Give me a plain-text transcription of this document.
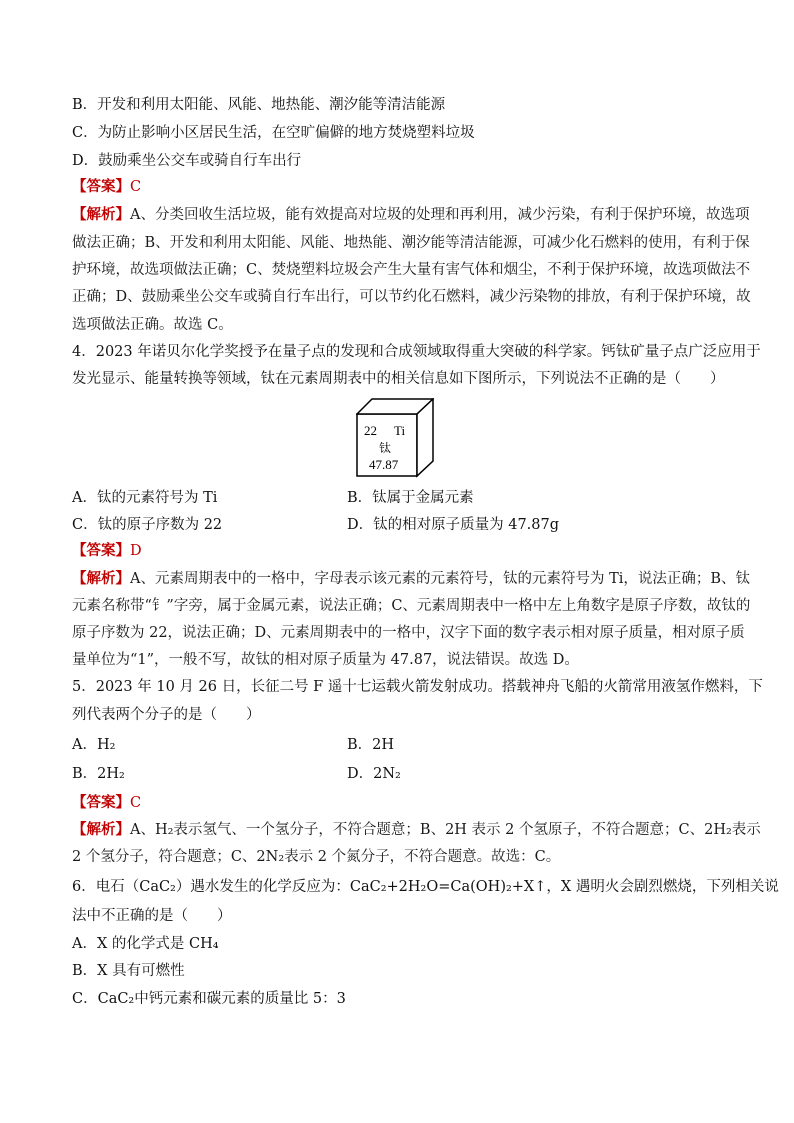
B．开发和利用太阳能、风能、地热能、潮汐能等清洁能源
C．为防止影响小区居民生活，在空旷偏僻的地方焚烧塑料垃圾
D．鼓励乘坐公交车或骑自行车出行
【答案】C
【解析】A、分类回收生活垃圾，能有效提高对垃圾的处理和再利用，减少污染，有利于保护环境，故选项
做法正确；B、开发和利用太阳能、风能、地热能、潮汐能等清洁能源，可减少化石燃料的使用，有利于保
护环境，故选项做法正确；C、焚烧塑料垃圾会产生大量有害气体和烟尘，不利于保护环境，故选项做法不
正确；D、鼓励乘坐公交车或骑自行车出行，可以节约化石燃料，减少污染物的排放，有利于保护环境，故
选项做法正确。故选 C。
4．2023 年诺贝尔化学奖授予在量子点的发现和合成领域取得重大突破的科学家。钙钛矿量子点广泛应用于
发光显示、能量转换等领域，钛在元素周期表中的相关信息如下图所示，下列说法不正确的是（　　）
22 Ti
钛
47.87
A．钛的元素符号为 Ti	B．钛属于金属元素
C．钛的原子序数为 22	D．钛的相对原子质量为 47.87g
【答案】D
【解析】A、元素周期表中的一格中，字母表示该元素的元素符号，钛的元素符号为 Ti，说法正确；B、钛
元素名称带“钅”字旁，属于金属元素，说法正确；C、元素周期表中一格中左上角数字是原子序数，故钛的
原子序数为 22，说法正确；D、元素周期表中的一格中，汉字下面的数字表示相对原子质量，相对原子质
量单位为“1”，一般不写，故钛的相对原子质量为 47.87，说法错误。故选 D。
5．2023 年 10 月 26 日，长征二号 F 遥十七运载火箭发射成功。搭载神舟飞船的火箭常用液氢作燃料，下
列代表两个分子的是（　　）
A．H₂	B．2H
B．2H₂	D．2N₂
【答案】C
【解析】A、H₂表示氢气、一个氢分子，不符合题意；B、2H 表示 2 个氢原子，不符合题意；C、2H₂表示
2 个氢分子，符合题意；C、2N₂表示 2 个氮分子，不符合题意。故选：C。
6．电石（CaC₂）遇水发生的化学反应为：CaC₂+2H₂O=Ca(OH)₂+X↑，X 遇明火会剧烈燃烧，下列相关说
法中不正确的是（　　）
A．X 的化学式是 CH₄
B．X 具有可燃性
C．CaC₂中钙元素和碳元素的质量比 5：3
